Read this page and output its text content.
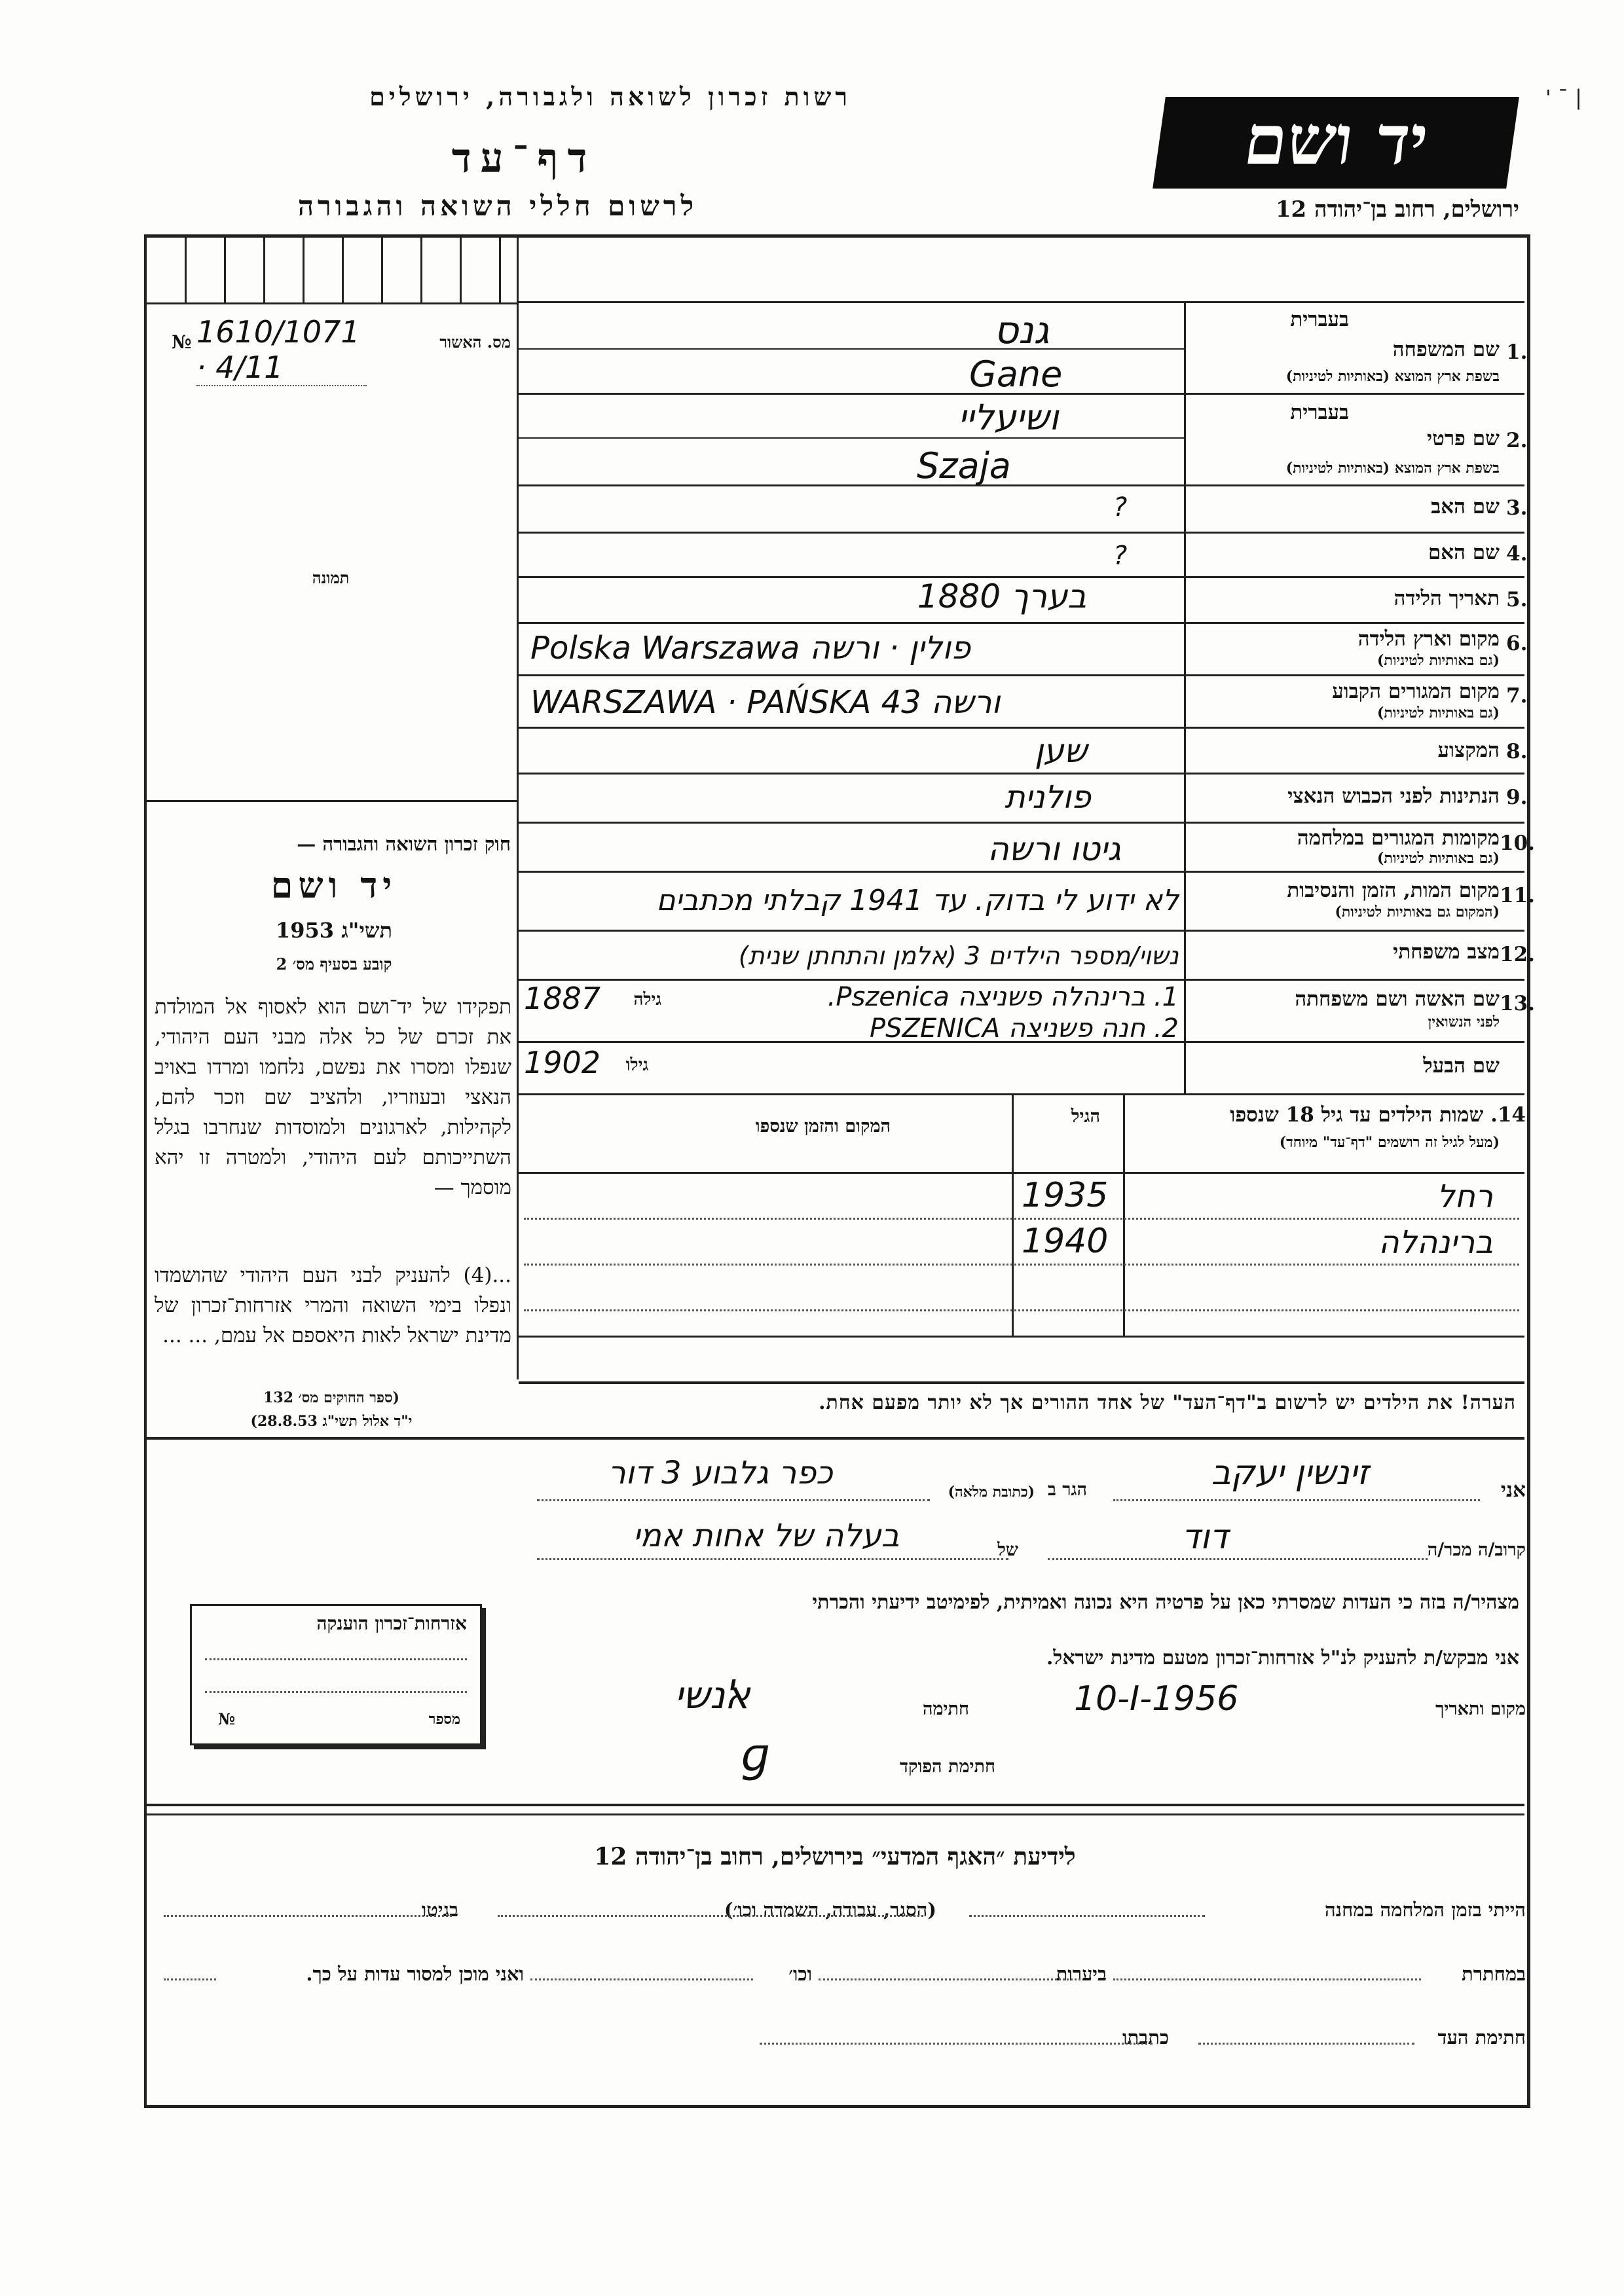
רשות זכרון לשואה ולגבורה, ירושלים
יד ושם
' ˉ |
דף־עד
לרשום חללי השואה והגבורה	ירושלים, רחוב בן־יהודה 12
מס. האשור
№ 1610/1071 · 4/11
תמונה
בעברית
1.
שם המשפחה
בשפת ארץ המוצא (באותיות לטיניות)
בעברית
2.
שם פרטי
בשפת ארץ המוצא (באותיות לטיניות)
3.
שם האב
4.
שם האם
5.
תאריך הלידה
6.
מקום וארץ הלידה
(גם באותיות לטיניות)
7.
מקום המגורים הקבוע
(גם באותיות לטיניות)
8.
המקצוע
9.
הנתינות לפני הכבוש הנאצי
10.
מקומות המגורים במלחמה
(גם באותיות לטיניות)
11.
מקום המות, הזמן והנסיבות
(המקום גם באותיות לטיניות)
12.
מצב משפחתי
13.
שם האשה ושם משפחתה
לפני הנשואין
שם הבעל
גנס
Gane
ושיעליי
Szaja
?
?
בערך 1880
Polska Warszawa פולין · ורשה
WARSZAWA · PAŃSKA 43 ורשה
שען
פולנית
גיטו ורשה
לא ידוע לי בדוק. עד 1941 קבלתי מכתבים
נשוי/מספר הילדים 3 (אלמן והתחתן שנית)
1. ברינהלה פשניצה Pszenica.
גילה
1887
2. חנה פשניצה PSZENICA
גילו
1902
14. שמות הילדים עד גיל 18 שנספו
(מעל לגיל זה רושמים "דף־עד" מיוחד)
הגיל
המקום והזמן שנספו
רחל
1935
ברינהלה
1940
הערה! את הילדים יש לרשום ב"דף־העד" של אחד ההורים אך לא יותר מפעם אחת.
חוק זכרון השואה והגבורה —
יד ושם
תשי"ג 1953
קובע בסעיף מס׳ 2
תפקידו של יד־ושם הוא לאסוף אל המולדת את זכרם של כל אלה מבני העם היהודי, שנפלו ומסרו את נפשם, נלחמו ומרדו באויב הנאצי ובעוזריו, ולהציב שם וזכר להם, לקהילות, לארגונים ולמוסדות שנחרבו בגלל השתייכותם לעם היהודי, ולמטרה זו יהא מוסמך —
...(4) להעניק לבני העם היהודי שהושמדו ונפלו בימי השואה והמרי אזרחות־זכרון של מדינת ישראל לאות היאספם אל עמם, ... ...
(ספר החוקים מס׳ 132
י"ד אלול תשי"ג 28.8.53)
אזרחות־זכרון הוענקה
מספר
№
אני
זינשין יעקב
הגר ב
(כתובת מלאה)
כפר גלבוע 3 דור
קרוב/ה מכר/ה
דוד
של
בעלה של אחות אמי
מצהיר/ה בזה כי העדות שמסרתי כאן על פרטיה היא נכונה ואמיתית, לפימיטב ידיעתי והכרתי
אני מבקש/ת להעניק לנ"ל אזרחות־זכרון מטעם מדינת ישראל.
מקום ותאריך
10-I-1956
חתימה
ﭏנשי
חתימת הפוקד
ɡ
לידיעת ״האגף המדעי״ בירושלים, רחוב בן־יהודה 12
הייתי בזמן המלחמה במחנה
(הסגר, עבודה, השמדה וכו׳)
בגיטו
במחתרת
ביערות
וכו׳
ואני מוכן למסור עדות על כך.
חתימת העד
כתבתו
